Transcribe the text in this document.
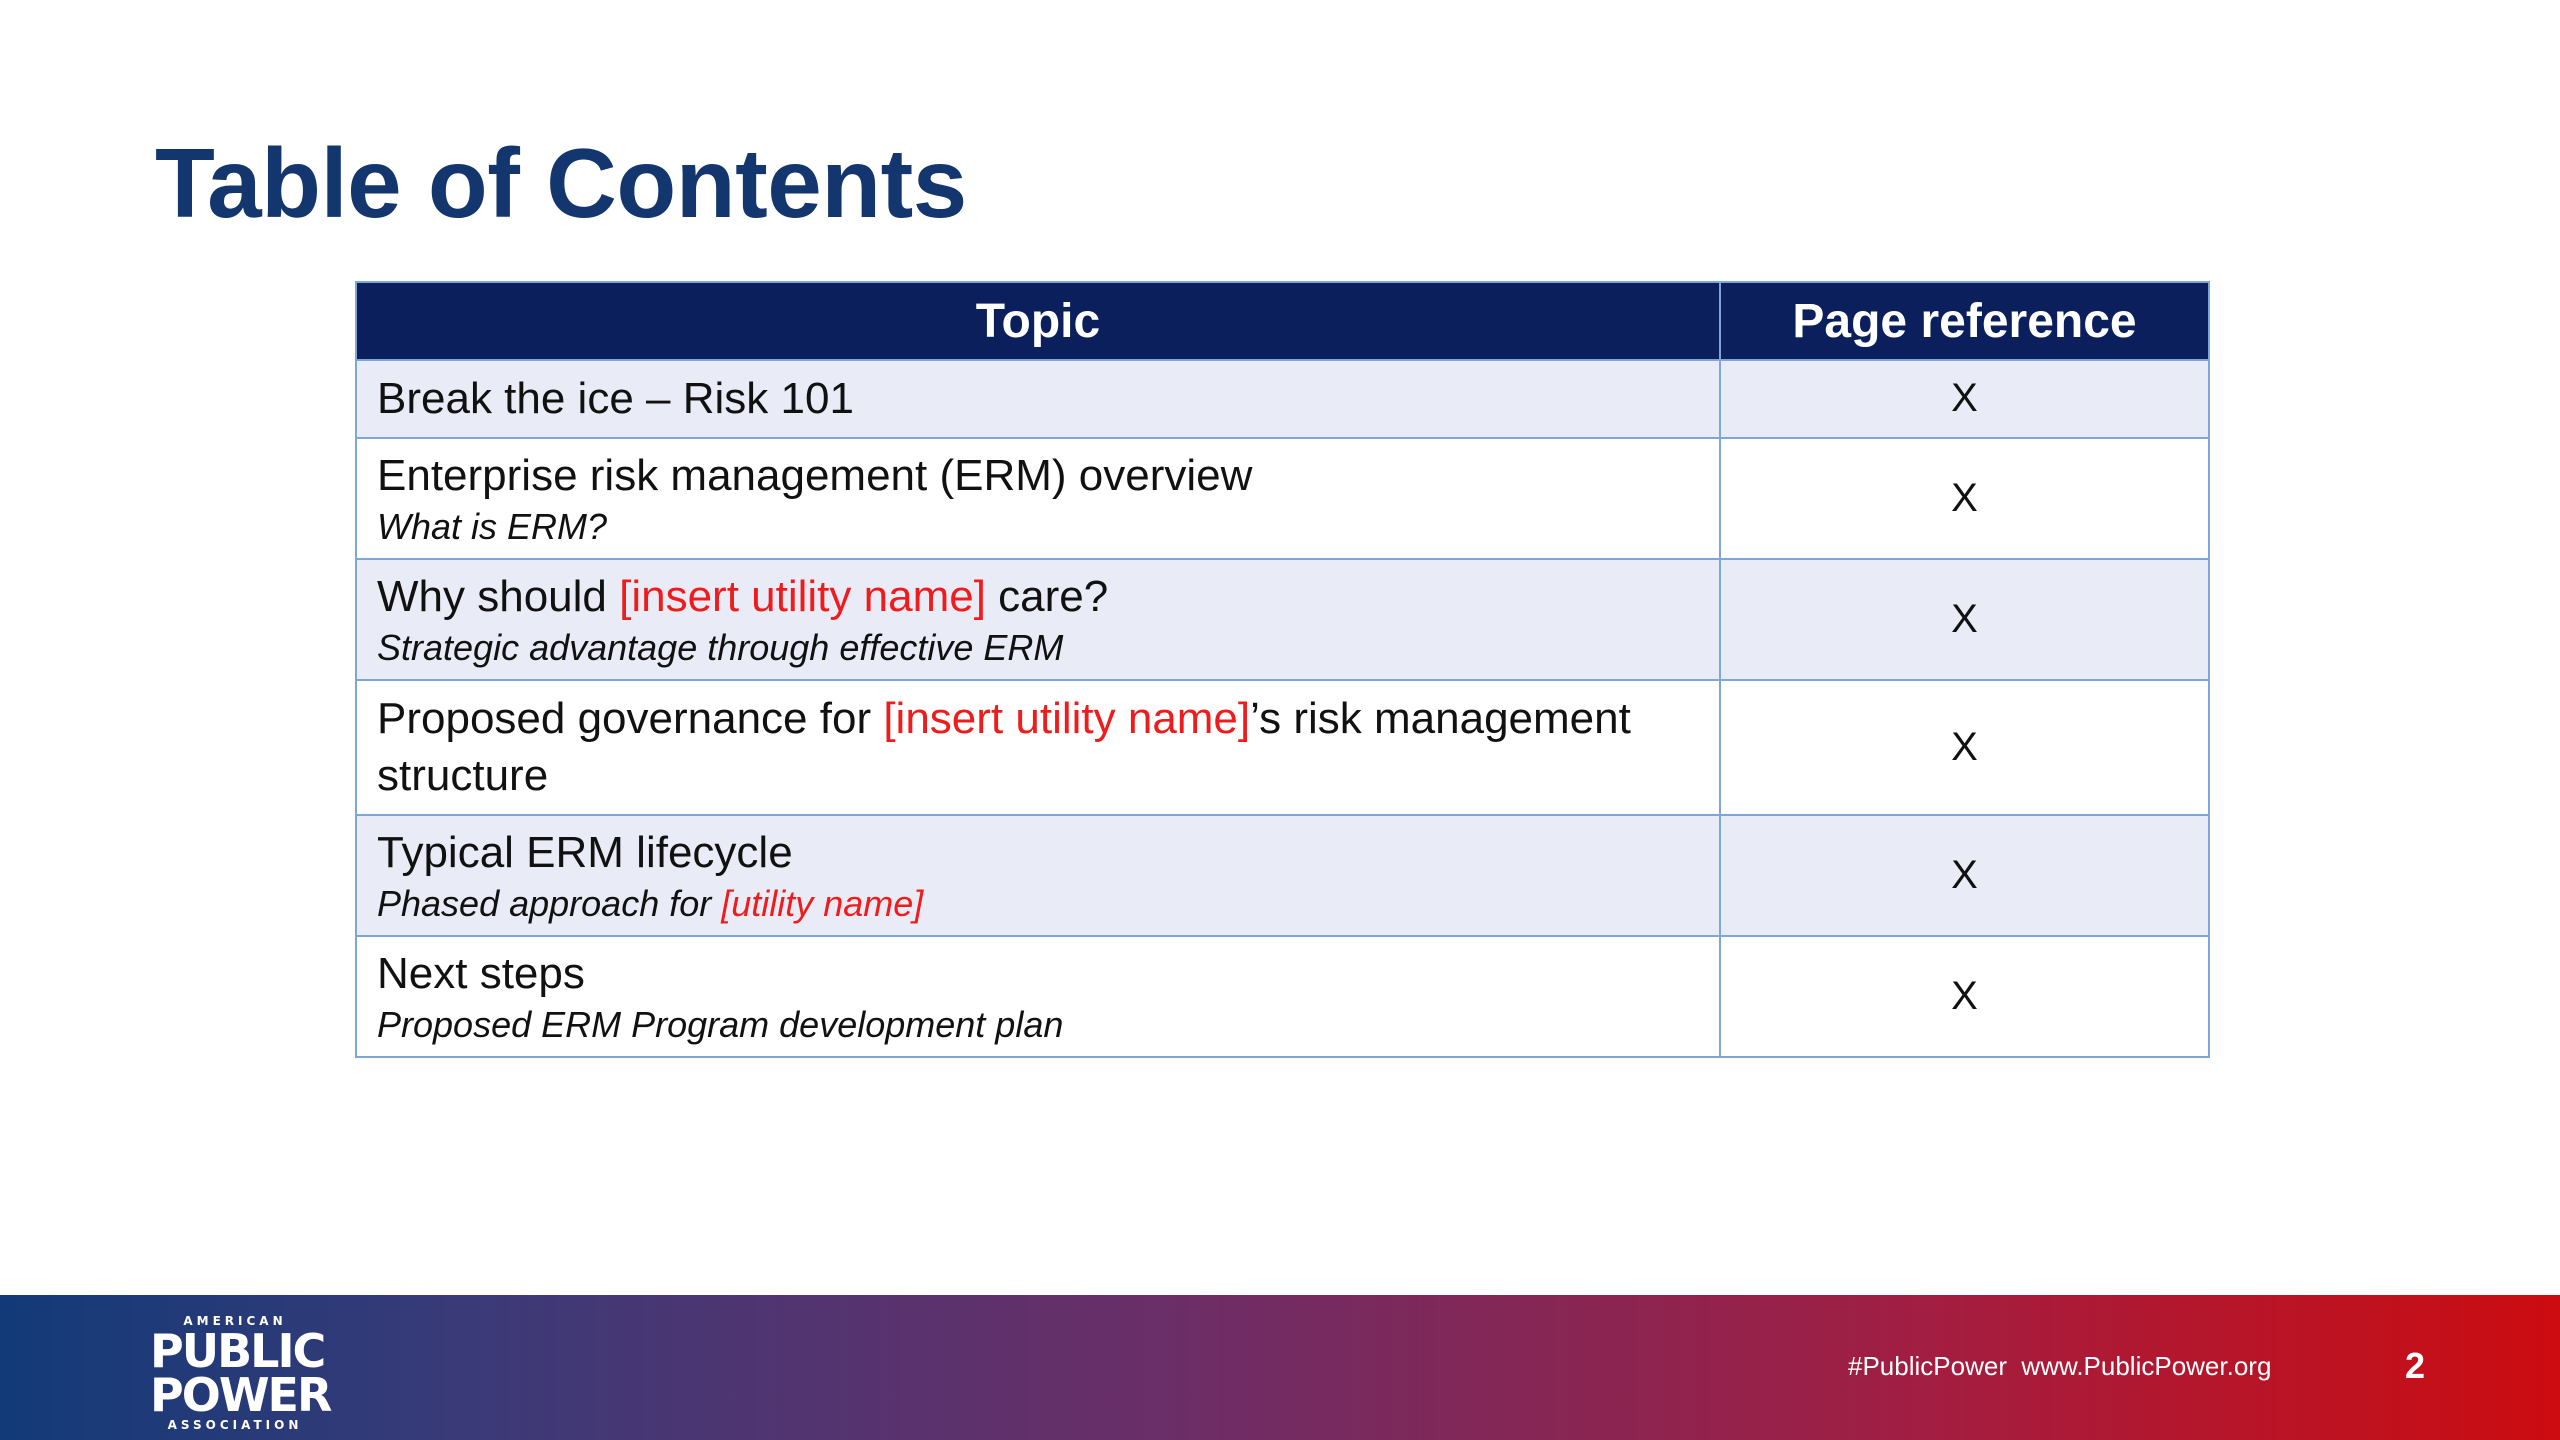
Table of Contents
Topic	Page reference
Break the ice – Risk 101	X
Enterprise risk management (ERM) overview
What is ERM?	X
Why should [insert utility name] care?
Strategic advantage through effective ERM	X
Proposed governance for [insert utility name]’s risk management structure	X
Typical ERM lifecycle
Phased approach for [utility name]	X
Next steps
Proposed ERM Program development plan	X
AMERICAN
PUBLIC
POWER
ASSOCIATION
#PublicPower  www.PublicPower.org	2
